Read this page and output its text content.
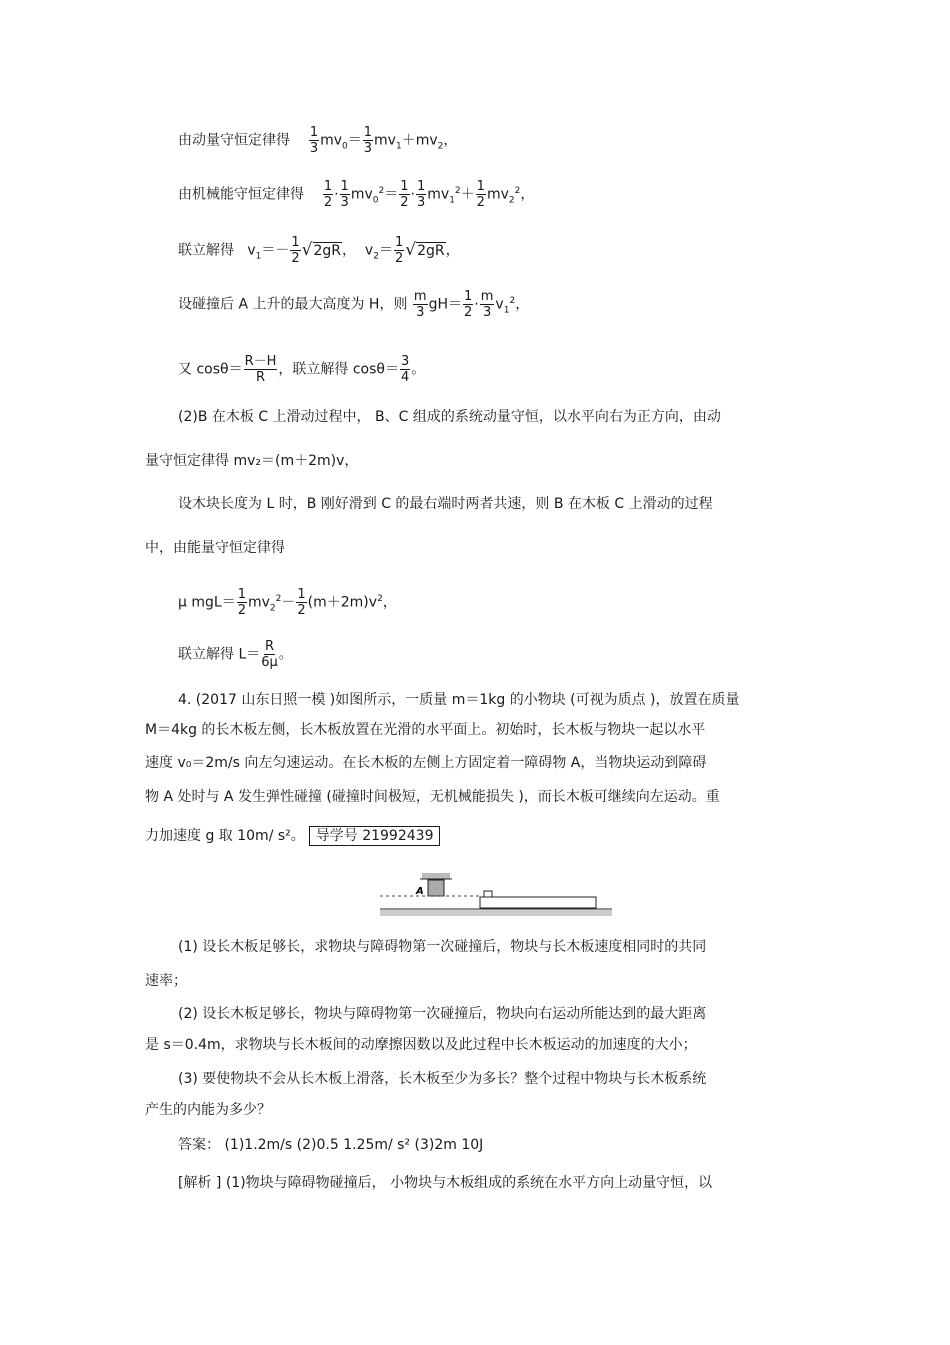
由动量守恒定律得 $\frac{1}{3} mv_0= \frac{1}{3} mv_1+mv_2$，
由机械能守恒定律得 $\frac{1}{2} \cdot \frac{1}{3} mv_0^2= \frac{1}{2} \cdot \frac{1}{3} mv_1^2+ \frac{1}{2} mv_2^2$，
联立解得   $v_1=- \frac{1}{2} √2gR$，  $v_2= \frac{1}{2} √2gR$，
设碰撞后 A 上升的最大高度为 H，则 $\frac{m}{3} gH= \frac{1}{2} \cdot \frac{m}{3} v_1^2$，
又 $\cos\theta= \frac{R-H}{R}$ ，联立解得 $\cos\theta= \frac{3}{4}$ 。
(2)B 在木板 C 上滑动过程中， B、C 组成的系统动量守恒，以水平向右为正方向，由动
量守恒定律得 mv₂＝(m＋2m)v，
设木块长度为 L 时，B 刚好滑到 C 的最右端时两者共速，则 B 在木板 C 上滑动的过程
中，由能量守恒定律得
μ $mgL= \frac{1}{2} mv_2^2- \frac{1}{2} (m+2m)v^2$，
联立解得 $L= \frac{R}{6\mu}$ 。
4. (2017 山东日照一模 )如图所示，一质量 m＝1kg 的小物块 (可视为质点 )，放置在质量
M＝4kg 的长木板左侧，长木板放置在光滑的水平面上。初始时，长木板与物块一起以水平
速度 v₀＝2m/s 向左匀速运动。在长木板的左侧上方固定着一障碍物 A，当物块运动到障碍
物 A 处时与 A 发生弹性碰撞 (碰撞时间极短，无机械能损失 )，而长木板可继续向左运动。重
力加速度 g 取 10m/ s²。 导学号 21992439
A
(1) 设长木板足够长，求物块与障碍物第一次碰撞后，物块与长木板速度相同时的共同
速率；
(2) 设长木板足够长，物块与障碍物第一次碰撞后，物块向右运动所能达到的最大距离
是 s＝0.4m，求物块与长木板间的动摩擦因数以及此过程中长木板运动的加速度的大小；
(3) 要使物块不会从长木板上滑落，长木板至少为多长？整个过程中物块与长木板系统
产生的内能为多少？
答案： (1)1.2m/s (2)0.5 1.25m/ s² (3)2m 10J
[解析 ] (1)物块与障碍物碰撞后， 小物块与木板组成的系统在水平方向上动量守恒，以
